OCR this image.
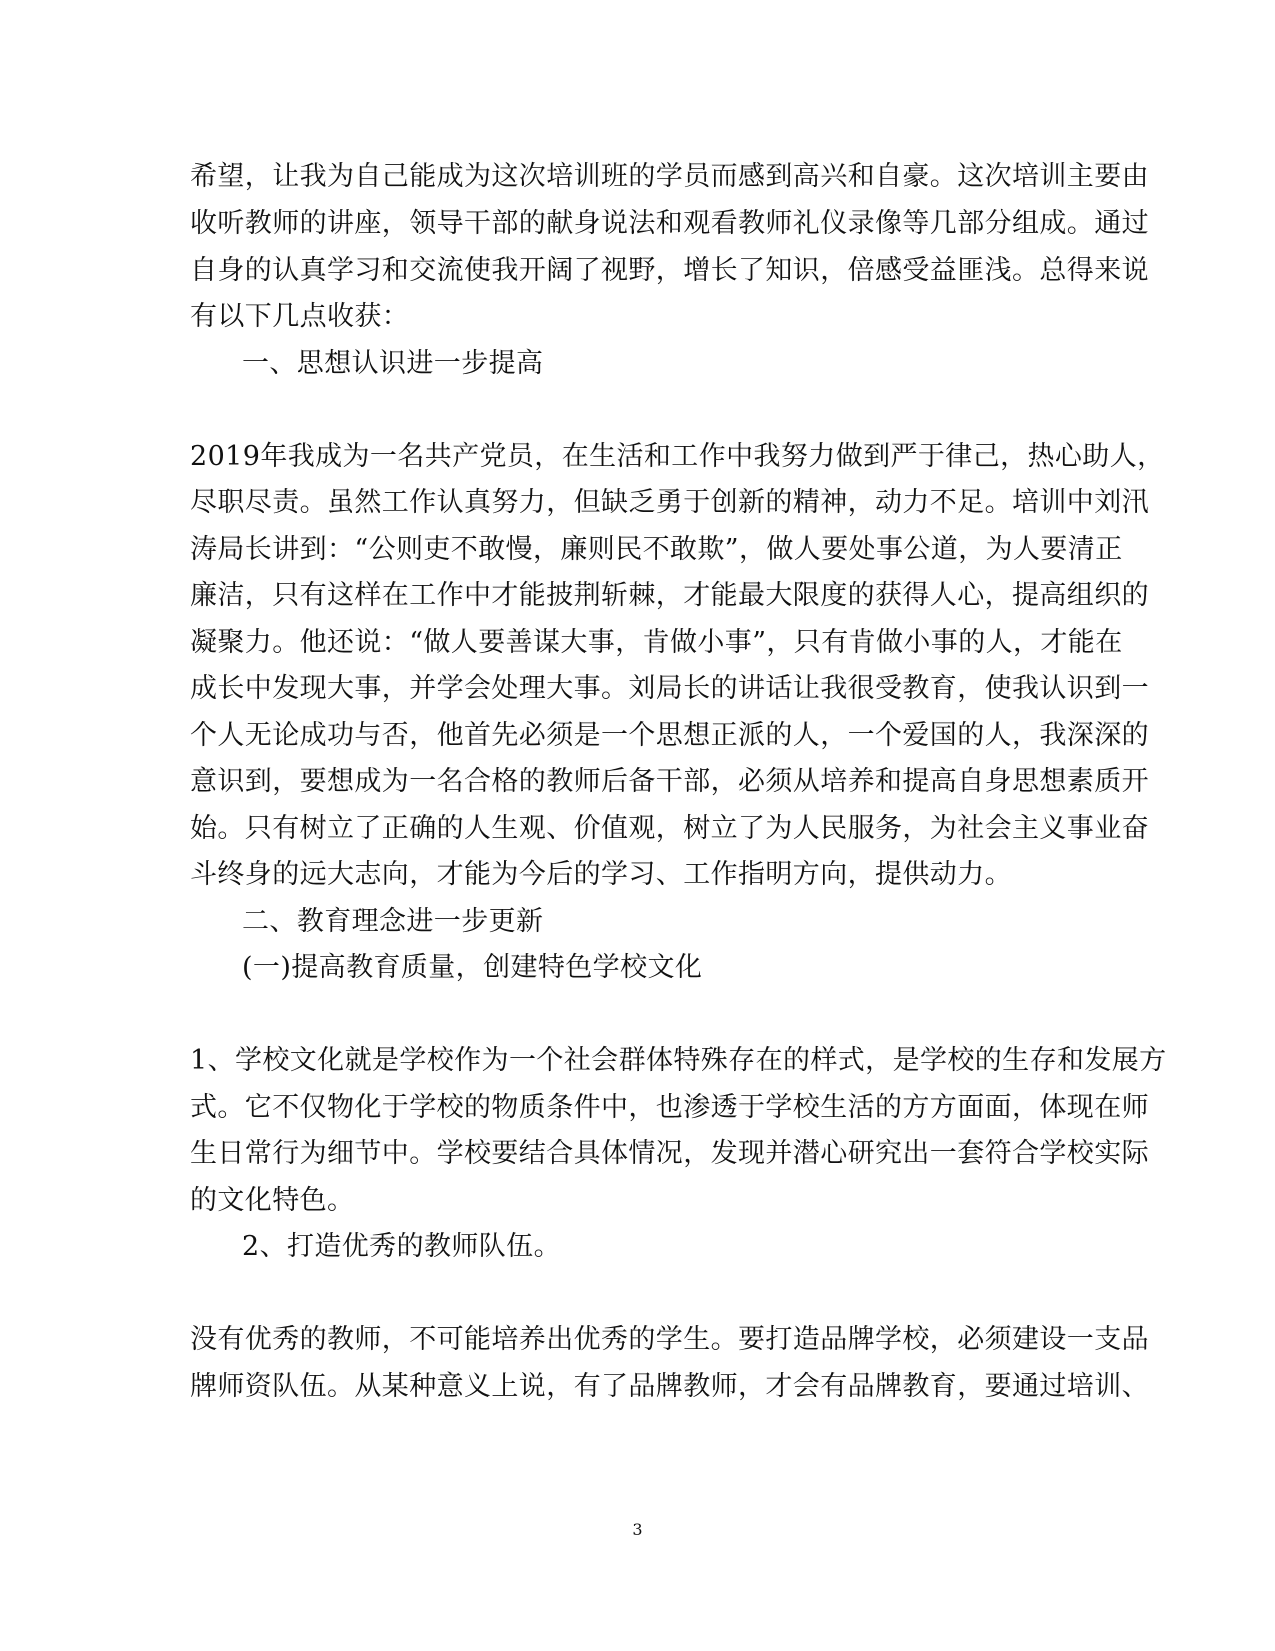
希望，让我为自己能成为这次培训班的学员而感到高兴和自豪。这次培训主要由
收听教师的讲座，领导干部的献身说法和观看教师礼仪录像等几部分组成。通过
自身的认真学习和交流使我开阔了视野，增长了知识，倍感受益匪浅。总得来说
有以下几点收获：
一、思想认识进一步提高
2019年我成为一名共产党员，在生活和工作中我努力做到严于律己，热心助人，
尽职尽责。虽然工作认真努力，但缺乏勇于创新的精神，动力不足。培训中刘汛
涛局长讲到：“公则吏不敢慢，廉则民不敢欺”，做人要处事公道，为人要清正
廉洁，只有这样在工作中才能披荆斩棘，才能最大限度的获得人心，提高组织的
凝聚力。他还说：“做人要善谋大事，肯做小事”，只有肯做小事的人，才能在
成长中发现大事，并学会处理大事。刘局长的讲话让我很受教育，使我认识到一
个人无论成功与否，他首先必须是一个思想正派的人，一个爱国的人，我深深的
意识到，要想成为一名合格的教师后备干部，必须从培养和提高自身思想素质开
始。只有树立了正确的人生观、价值观，树立了为人民服务，为社会主义事业奋
斗终身的远大志向，才能为今后的学习、工作指明方向，提供动力。
二、教育理念进一步更新
(一)提高教育质量，创建特色学校文化
1、学校文化就是学校作为一个社会群体特殊存在的样式，是学校的生存和发展方
式。它不仅物化于学校的物质条件中，也渗透于学校生活的方方面面，体现在师
生日常行为细节中。学校要结合具体情况，发现并潜心研究出一套符合学校实际
的文化特色。
2、打造优秀的教师队伍。
没有优秀的教师，不可能培养出优秀的学生。要打造品牌学校，必须建设一支品
牌师资队伍。从某种意义上说，有了品牌教师，才会有品牌教育，要通过培训、
3
